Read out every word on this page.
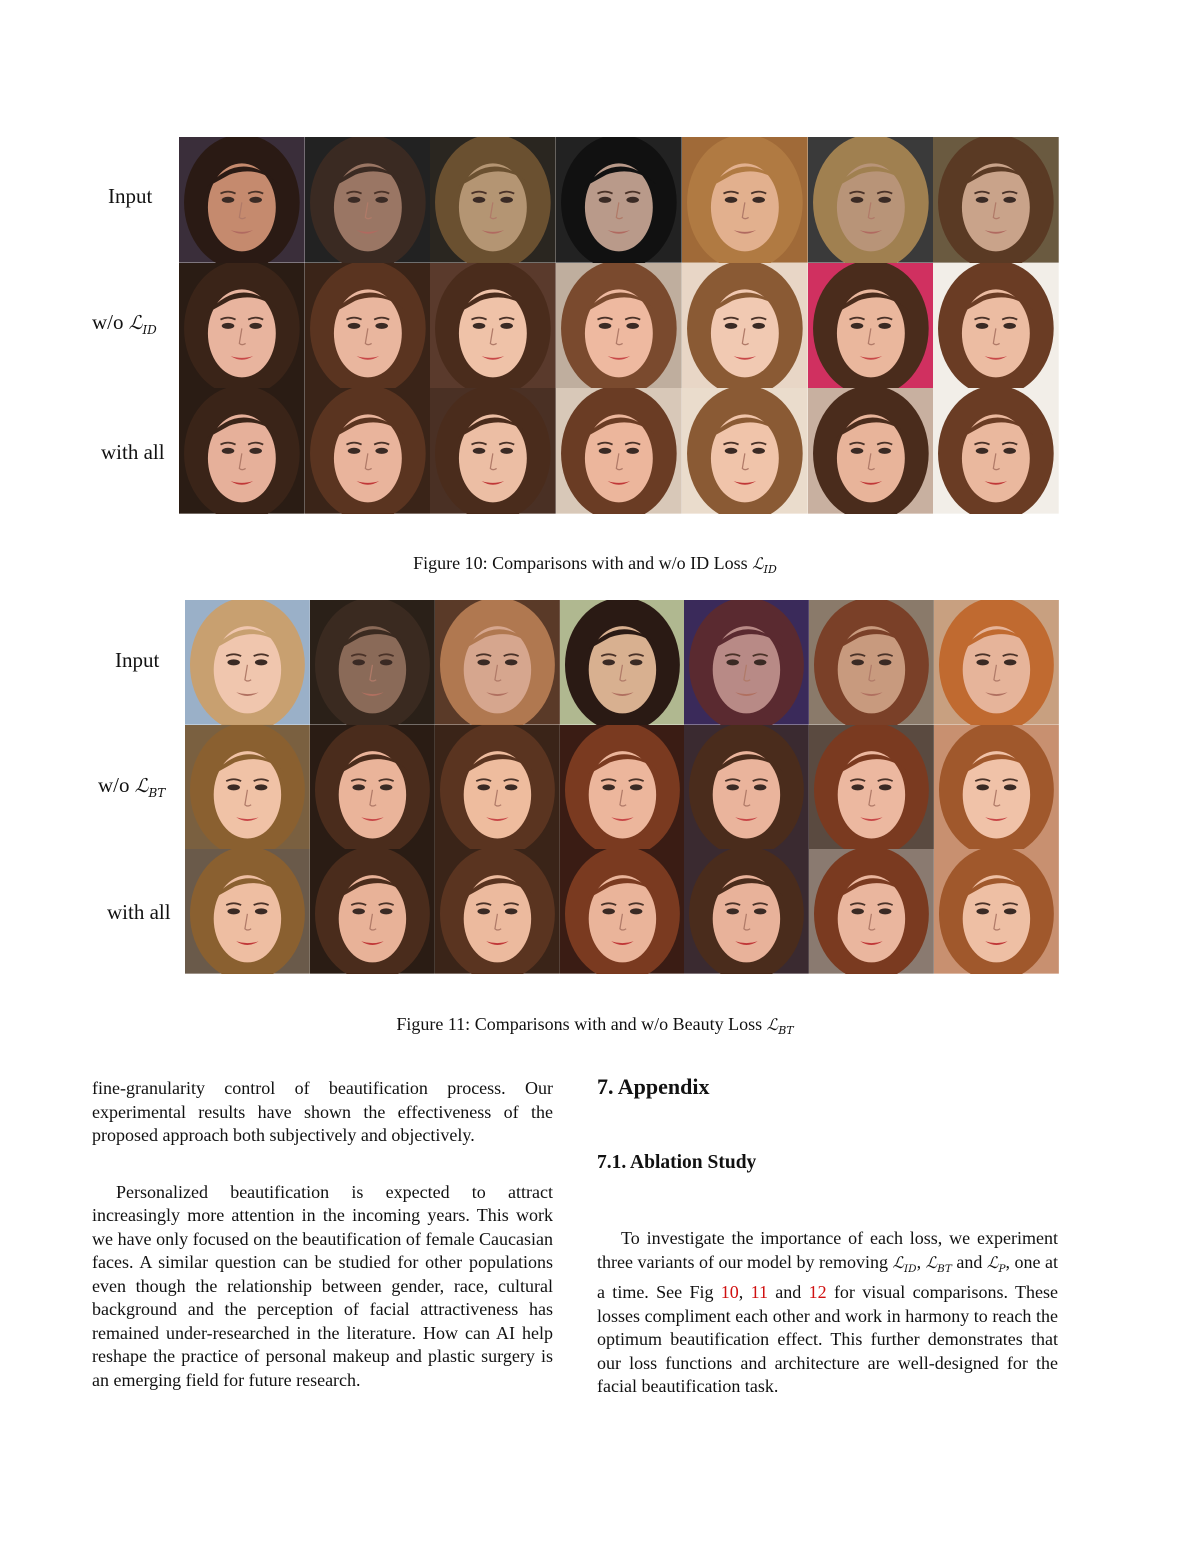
Input
w/o ℒ$_{ID}$
with all
Figure 10: Comparisons with and w/o ID Loss ℒ$_{ID}$
Input
w/o ℒ$_{BT}$
with all
Figure 11: Comparisons with and w/o Beauty Loss ℒ$_{BT}$

fine-granularity control of beautification process. Our experimental results have shown the effectiveness of the proposed approach both subjectively and objectively.

Personalized beautification is expected to attract increasingly more attention in the incoming years. This work we have only focused on the beautification of female Caucasian faces. A similar question can be studied for other populations even though the relationship between gender, race, cultural background and the perception of facial attractiveness has remained under-researched in the literature. How can AI help reshape the practice of personal makeup and plastic surgery is an emerging field for future research.

7. Appendix
7.1. Ablation Study

To investigate the importance of each loss, we experiment three variants of our model by removing ℒ$_{ID}$, ℒ$_{BT}$ and ℒ$_P$, one at a time. See Fig 10, 11 and 12 for visual comparisons. These losses compliment each other and work in harmony to reach the optimum beautification effect. This further demonstrates that our loss functions and architecture are well-designed for the facial beautification task.
